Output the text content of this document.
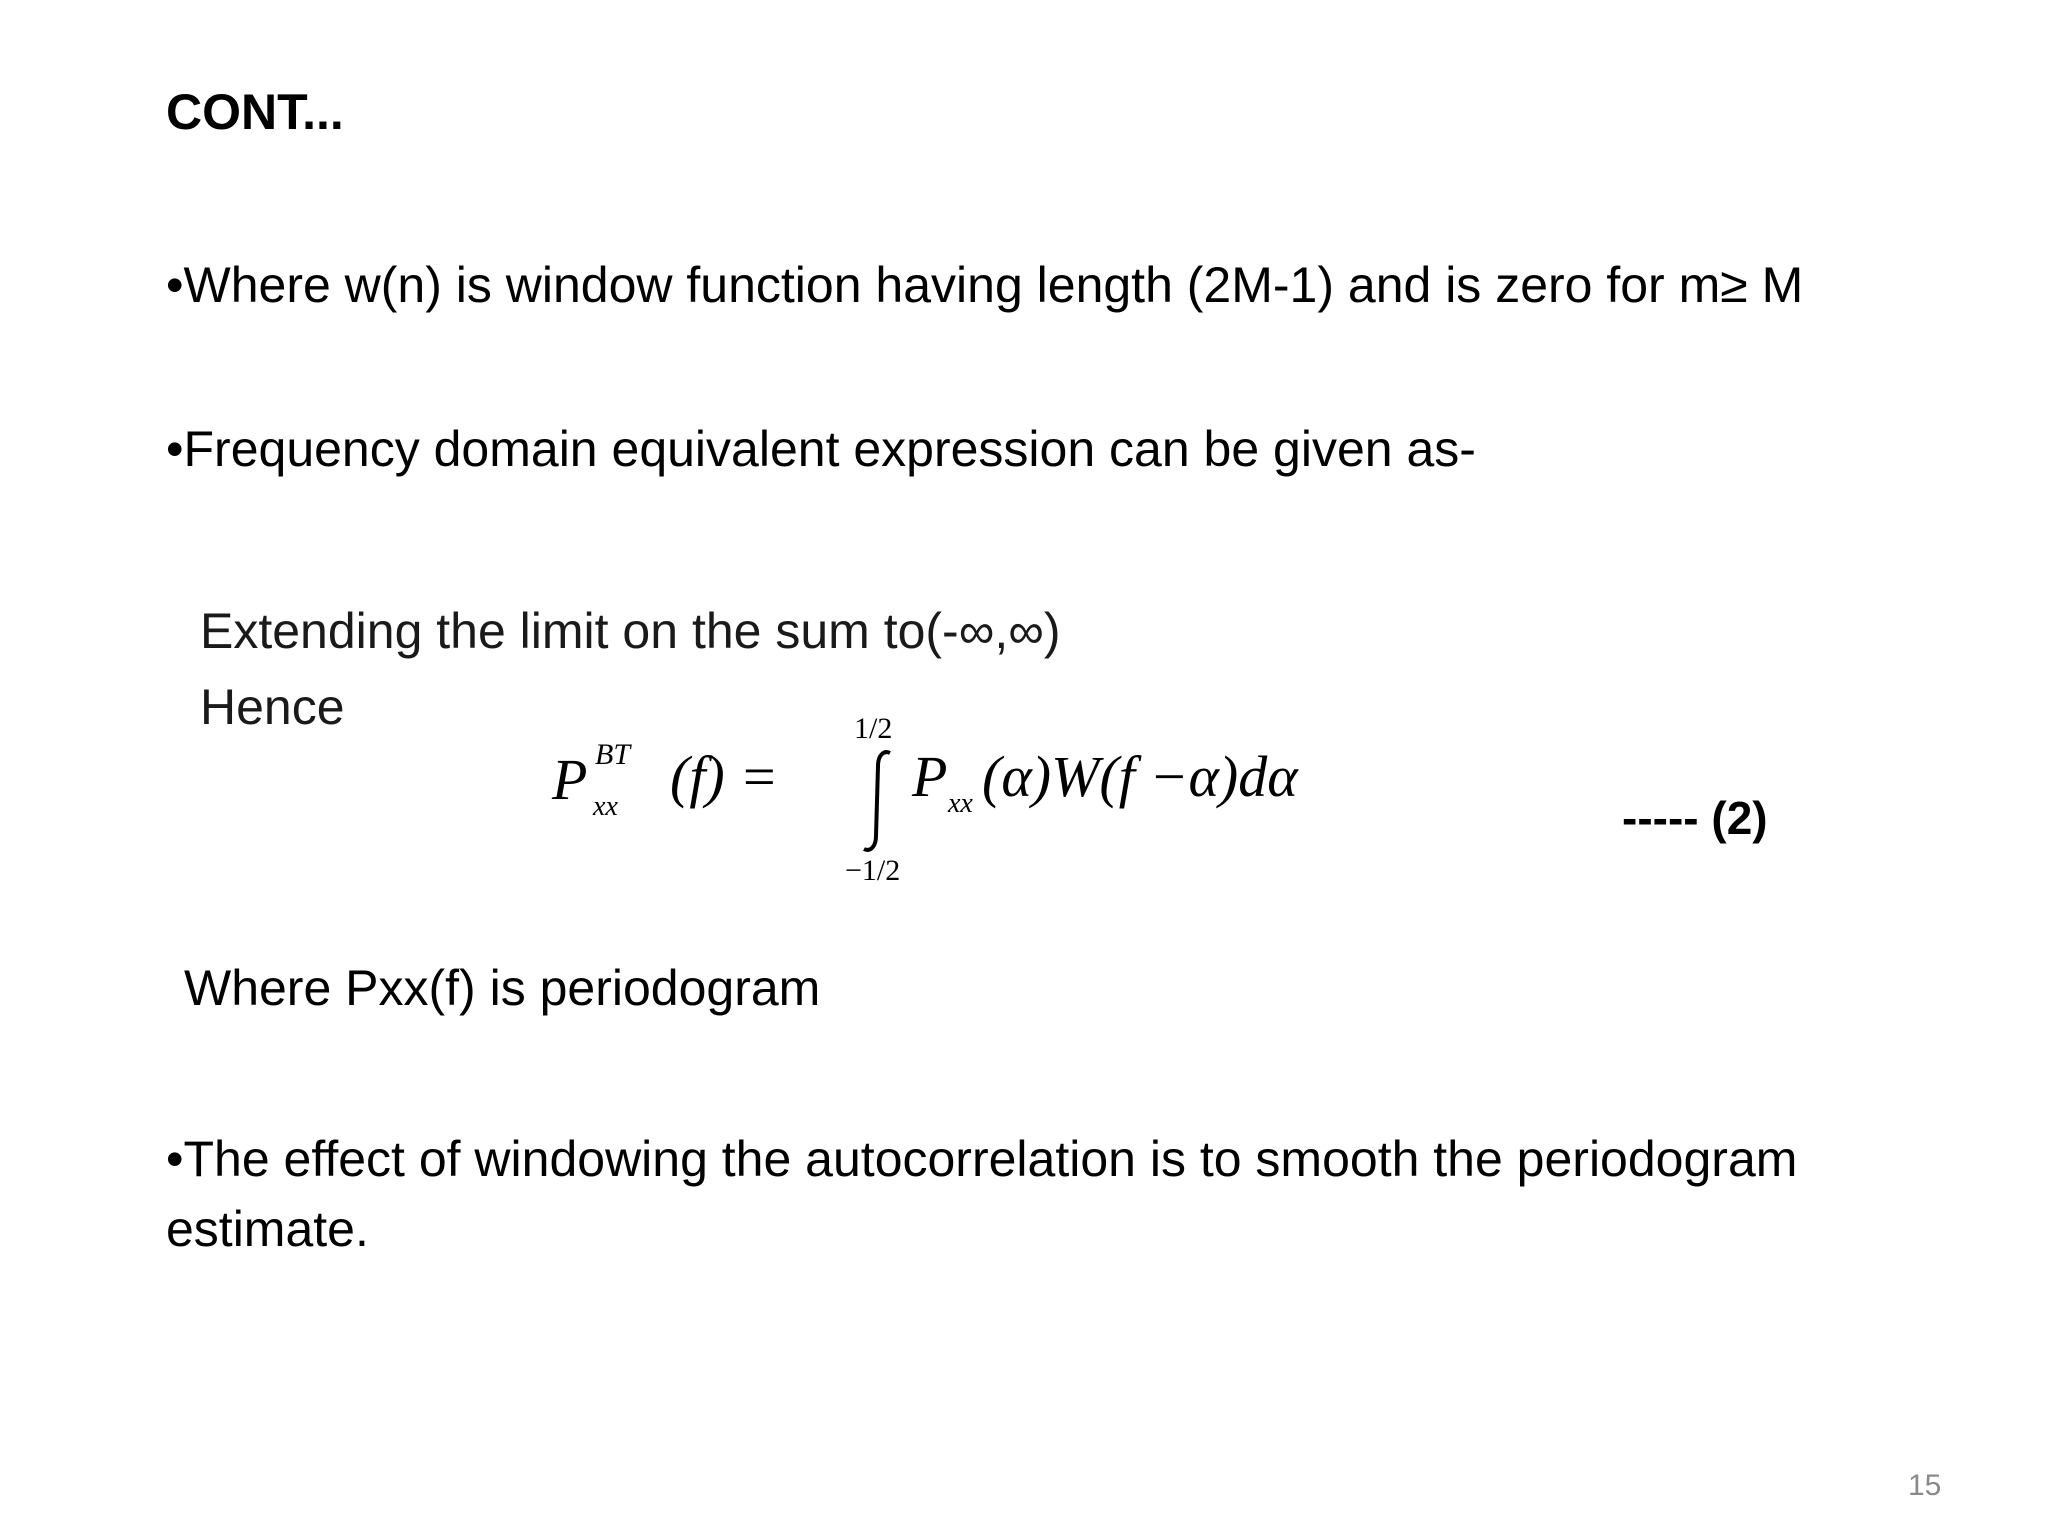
CONT...
•Where w(n) is window function having length (2M-1) and is zero for m≥ M
•Frequency domain equivalent expression can be given as-
Extending the limit on the sum to(-∞,∞)
Hence
P BT
xx (f) =
1/2
−1/2
P xx (α)W(f −α)dα
----- (2)
Where Pxx(f) is periodogram
•The effect of windowing the autocorrelation is to smooth the periodogram estimate.
15
